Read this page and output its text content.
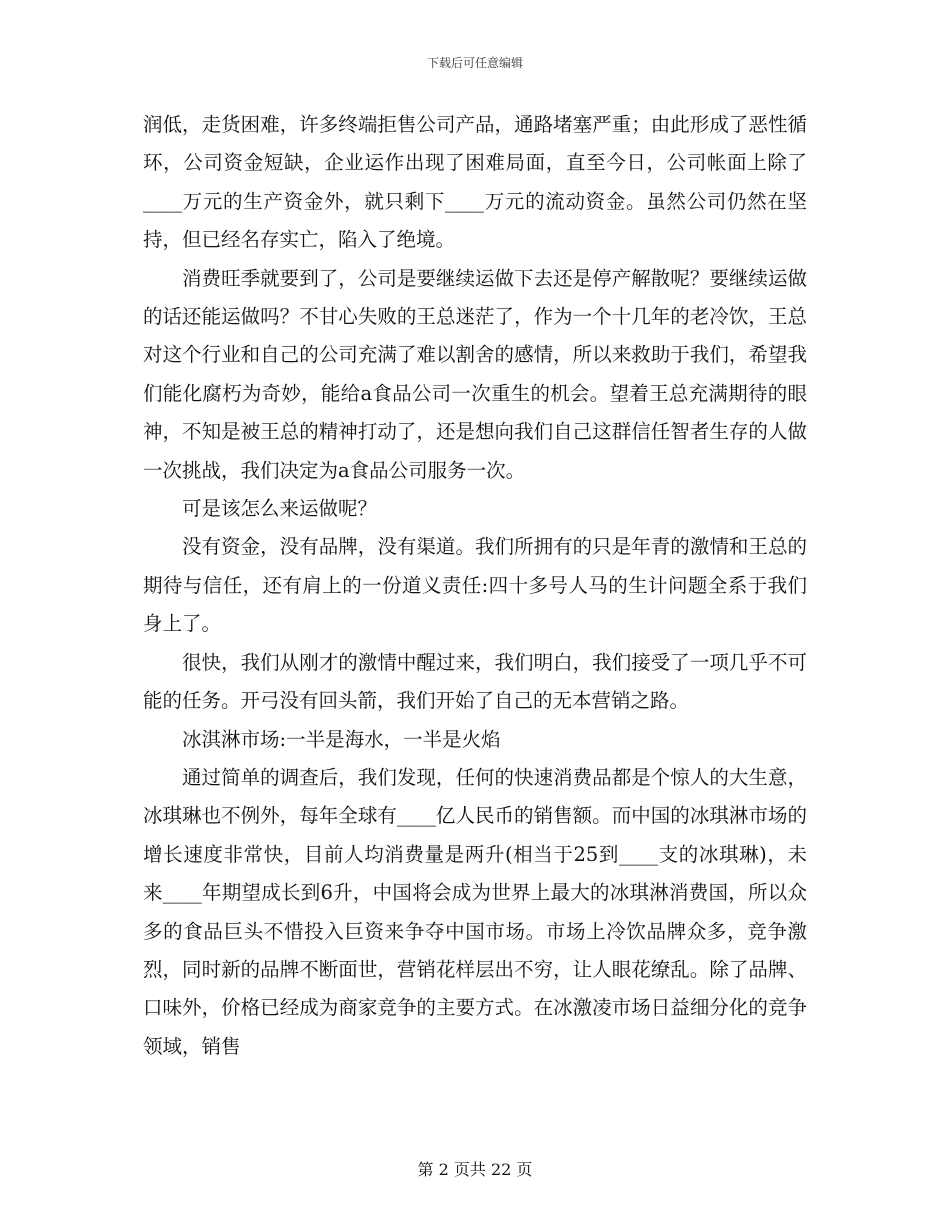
下载后可任意编辑

润低，走货困难，许多终端拒售公司产品，通路堵塞严重；由此形成了恶性循环，公司资金短缺，企业运作出现了困难局面，直至今日，公司帐面上除了____万元的生产资金外，就只剩下____万元的流动资金。虽然公司仍然在坚持，但已经名存实亡，陷入了绝境。

消费旺季就要到了，公司是要继续运做下去还是停产解散呢？要继续运做的话还能运做吗？不甘心失败的王总迷茫了，作为一个十几年的老冷饮，王总对这个行业和自己的公司充满了难以割舍的感情，所以来救助于我们，希望我们能化腐朽为奇妙，能给a食品公司一次重生的机会。望着王总充满期待的眼神，不知是被王总的精神打动了，还是想向我们自己这群信任智者生存的人做一次挑战，我们决定为a食品公司服务一次。

可是该怎么来运做呢？

没有资金，没有品牌，没有渠道。我们所拥有的只是年青的激情和王总的期待与信任，还有肩上的一份道义责任:四十多号人马的生计问题全系于我们身上了。

很快，我们从刚才的激情中醒过来，我们明白，我们接受了一项几乎不可能的任务。开弓没有回头箭，我们开始了自己的无本营销之路。

冰淇淋市场:一半是海水，一半是火焰

通过简单的调查后，我们发现，任何的快速消费品都是个惊人的大生意，冰琪琳也不例外，每年全球有____亿人民币的销售额。而中国的冰琪淋市场的增长速度非常快，目前人均消费量是两升(相当于25到____支的冰琪琳)，未来____年期望成长到6升，中国将会成为世界上最大的冰琪淋消费国，所以众多的食品巨头不惜投入巨资来争夺中国市场。市场上冷饮品牌众多，竞争激烈，同时新的品牌不断面世，营销花样层出不穷，让人眼花缭乱。除了品牌、口味外，价格已经成为商家竞争的主要方式。在冰激凌市场日益细分化的竞争领域，销售

第 2 页共 22 页
